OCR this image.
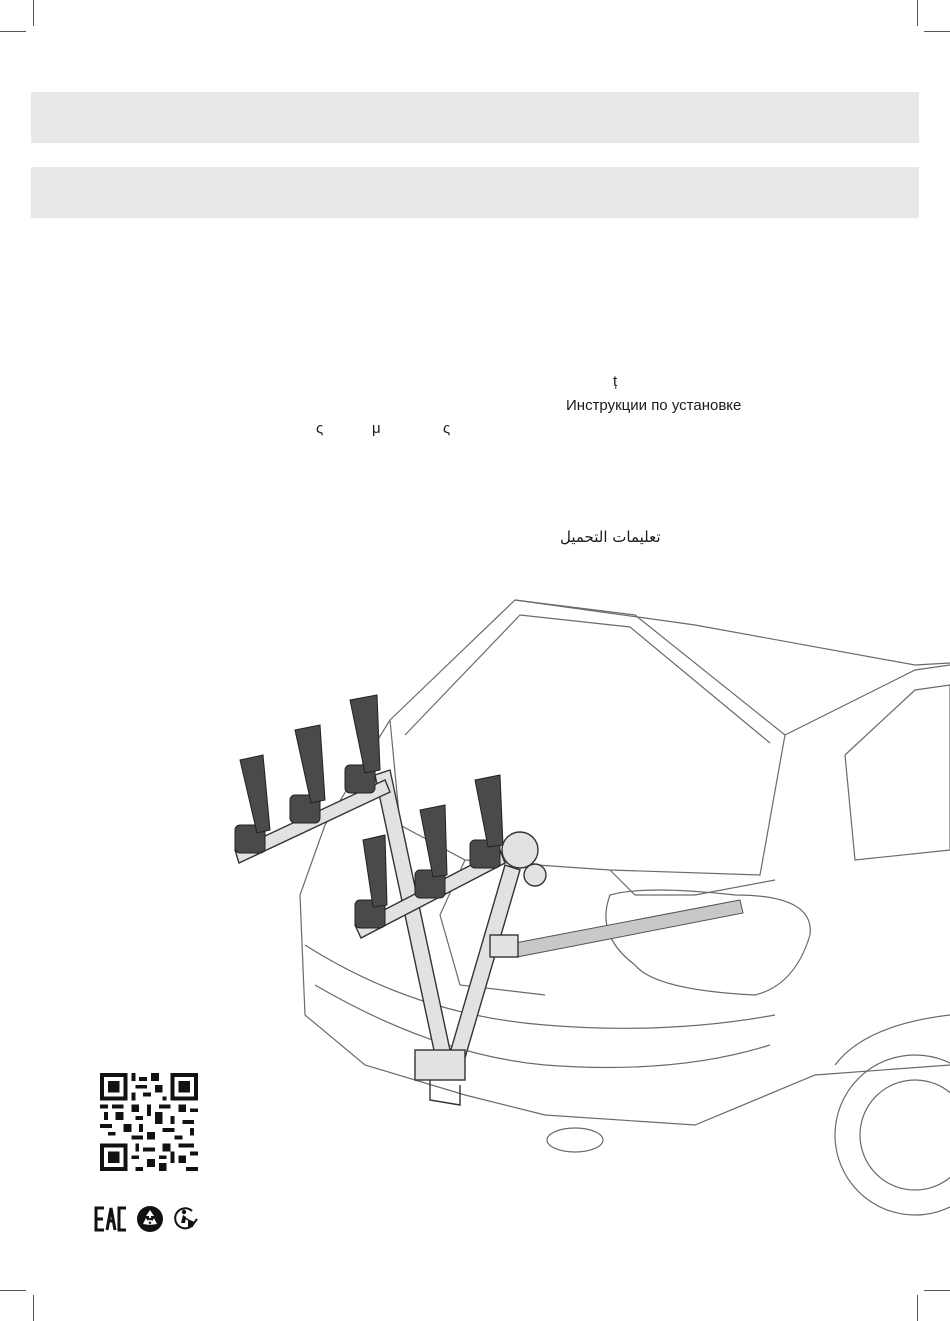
ț
Инструкции по установке
ς	μ	ς
تعليمات التحميل
